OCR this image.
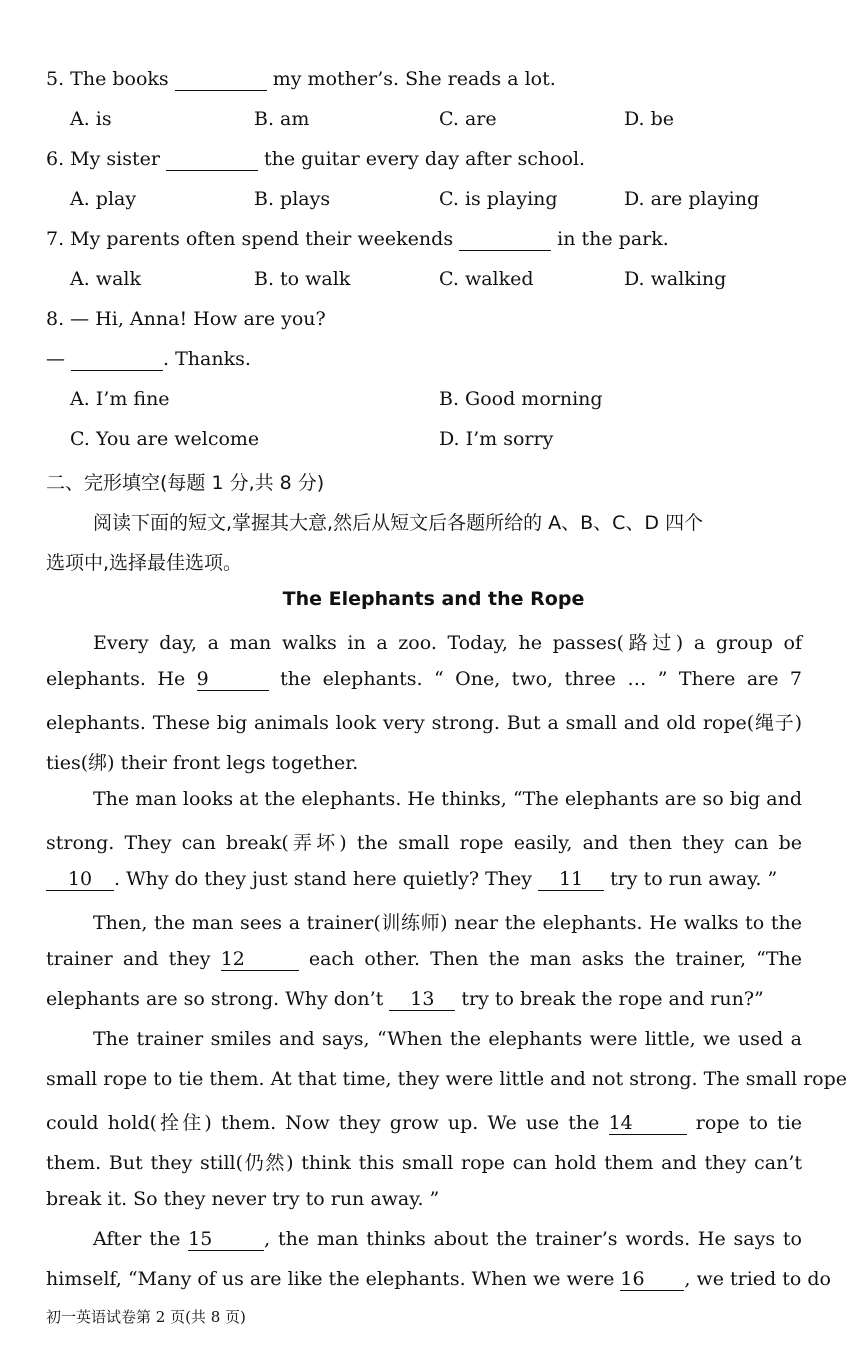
5. The books	my mother’s. She reads a lot.
A. is	B. am	C. are	D. be
6. My sister	the guitar every day after school.
A. play	B. plays	C. is playing	D. are playing
7. My parents often spend their weekends	in the park.
A. walk	B. to walk	C. walked	D. walking
8. — Hi, Anna! How are you?
—	. Thanks.
A. I’m fine	B. Good morning
C. You are welcome	D. I’m sorry
二、完形填空(每题 1 分,共 8 分)
阅读下面的短文,掌握其大意,然后从短文后各题所给的 A、B、C、D 四个
选项中,选择最佳选项。
The Elephants and the Rope
Every day, a man walks in a zoo. Today, he passes(路过) a group of
elephants. He 9	the elephants. “ One, two, three … ” There are 7
elephants. These big animals look very strong. But a small and old rope(绳子)
ties(绑) their front legs together.
The man looks at the elephants. He thinks, “The elephants are so big and
strong. They can break(弄坏) the small rope easily, and then they can be
10 . Why do they just stand here quietly? They 11 try to run away. ”
Then, the man sees a trainer(训练师) near the elephants. He walks to the
trainer and they 12	each other. Then the man asks the trainer, “The
elephants are so strong. Why don’t 13 try to break the rope and run?”
The trainer smiles and says, “When the elephants were little, we used a
small rope to tie them. At that time, they were little and not strong. The small rope
could hold(拴住) them. Now they grow up. We use the 14	rope to tie
them. But they still(仍然) think this small rope can hold them and they can’t
break it. So they never try to run away. ”
After the 15	, the man thinks about the trainer’s words. He says to
himself, “Many of us are like the elephants. When we were 16 , we tried to do
初一英语试卷第 2 页(共 8 页)
